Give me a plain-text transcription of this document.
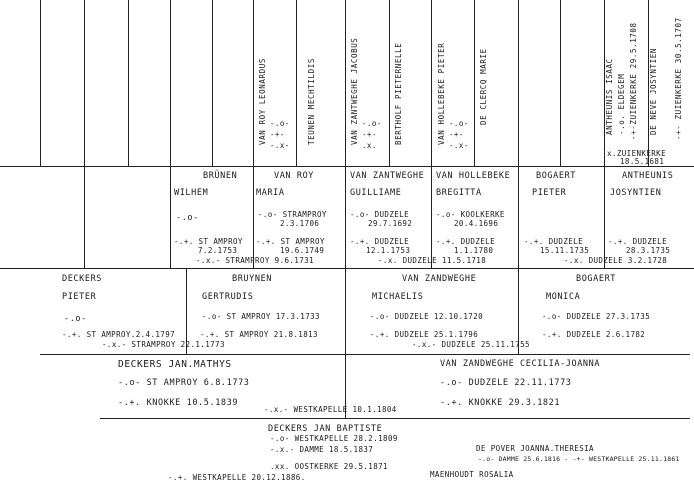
VAN ROY LEONARDUS	TEUNEN MECHTILDIS
-.o-
-+-
-.x-
VAN ZANTWEGHE JACOBUS	BERTHOLF PIETERNELLE
-.o-
-+-
.x.
VAN HOLLEBEKE PIETER	DE CLERCQ MARIE
-.o-
-+-
-.x-
ANTHEUNIS ISAAC -.o. ELDEGEM -+-ZUIENKERKE 29.5.1708 DE NEVE JOSYNTIEN -+- ZUIENKERKE 30.5.1707
x.ZUIENKERKE
18.5.1681
BRÜNEN
WILHEM
-.o-
-.+. ST AMPROY
7.2.1753
VAN ROY
MARIA
-.o- STRAMPROY
2.3.1706
-.+. ST AMPROY
19.6.1749
VAN ZANTWEGHE
GUILLIAME
-.o- DUDZELE
29.7.1692
-.+. DUDZELE
12.1.1753
VAN HOLLEBEKE
BREGITTA
-.o- KOOLKERKE
20.4.1696
-.+. DUDZELE
1.1.1780
BOGAERT
PIETER
-.+. DUDZELE
15.11.1735
ANTHEUNIS
JOSYNTIEN
-.+. DUDZELE
28.3.1735
-.x.- STRAMPROY 9.6.1731	-.x. DUDZELE 11.5.1718	-.x. DUDZELE 3.2.1728
DECKERS
PIETER
-.o-
-.+. ST AMPROY.2.4.1797
BRUYNEN
GERTRUDIS
-.o- ST AMPROY 17.3.1733
-.+. ST AMPROY 21.8.1813
VAN ZANDWEGHE
MICHAELIS
-.o- DUDZELE 12.10.1720
-.+. DUDZELE 25.1.1796
BOGAERT
MONICA
-.o- DUDZELE 27.3.1735
-.+. DUDZELE 2.6.1782
-.x.- STRAMPROY 22.1.1773	-.x.- DUDZELE 25.11.1755
DECKERS JAN.MATHYS
-.o- ST AMPROY 6.8.1773
-.+. KNOKKE 10.5.1839
VAN ZANDWEGHE CECILIA-JOANNA
-.o- DUDZELE 22.11.1773
-.+. KNOKKE 29.3.1821
-.x.- WESTKAPELLE 10.1.1804
DECKERS JAN BAPTISTE
-.o- WESTKAPELLE 28.2.1809
-.x.- DAMME 18.5.1837	DE POVER JOANNA.THERESIA
-.o- DAMME 25.6.1816 - -+- WESTKAPELLE 25.11.1861
.xx. OOSTKERKE 29.5.1871
-.+. WESTKAPELLE 20.12.1886.	MAENHOUDT ROSALIA
